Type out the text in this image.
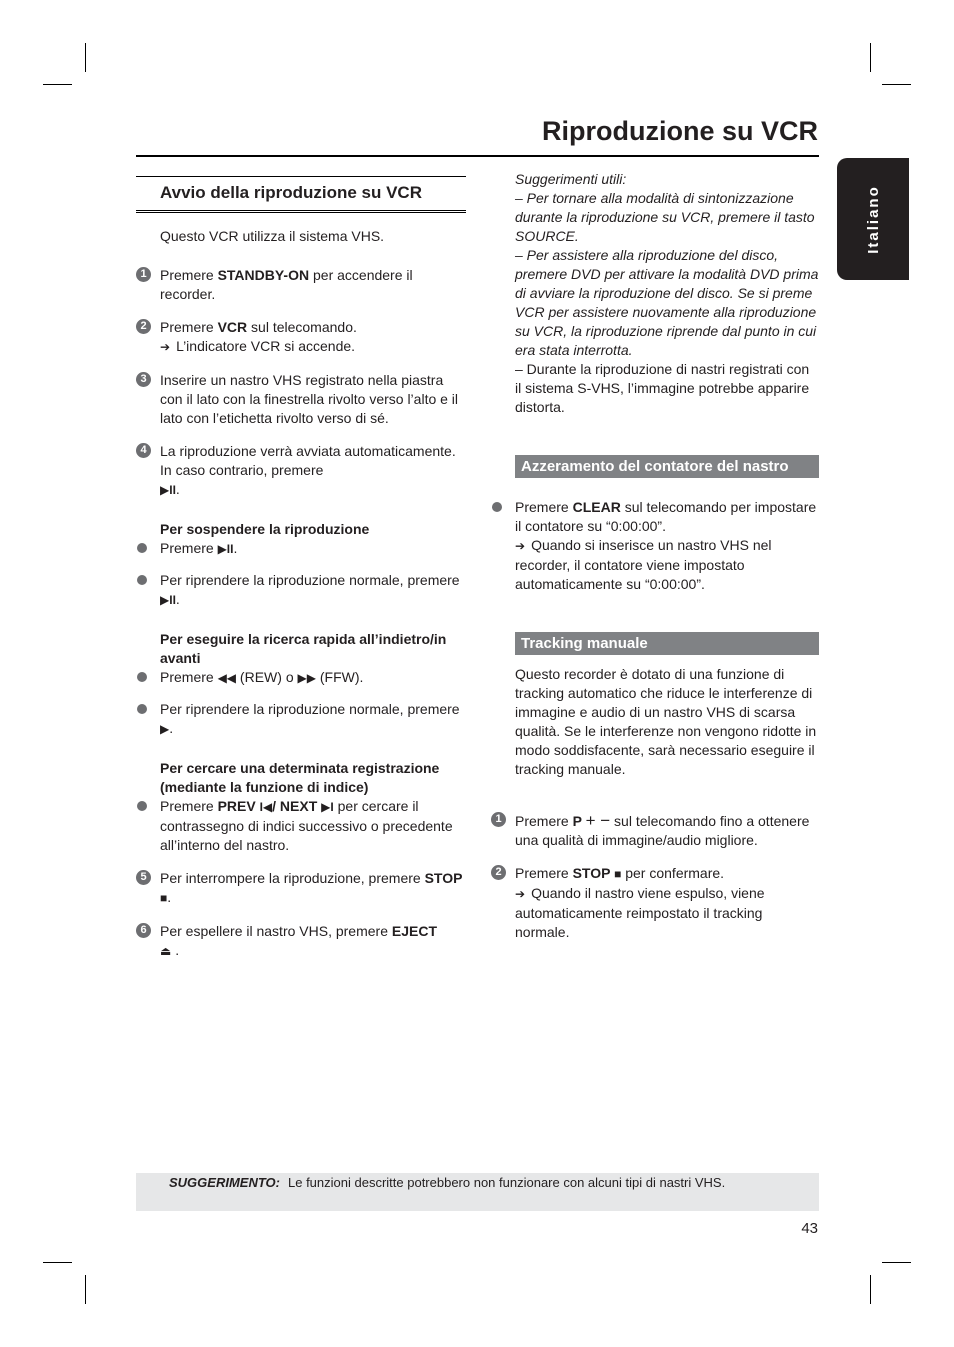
Riproduzione su VCR
Italiano
Avvio della riproduzione su VCR

Questo VCR utilizza il sistema VHS.

1 Premere STANDBY-ON per accendere il recorder.
2 Premere VCR sul telecomando.
➔ L’indicatore VCR si accende.
3 Inserire un nastro VHS registrato nella piastra con il lato con la finestrella rivolto verso l’alto e il lato con l’etichetta rivolto verso di sé.
4 La riproduzione verrà avviata automaticamente. In caso contrario, premere
▶II.

Per sospendere la riproduzione

Premere ▶II.
Per riprendere la riproduzione normale, premere ▶II.

Per eseguire la ricerca rapida all’indietro/in avanti

Premere ◀◀ (REW) o ▶▶ (FFW).
Per riprendere la riproduzione normale, premere ▶.

Per cercare una determinata registrazione (mediante la funzione di indice)

Premere PREV I◀/ NEXT ▶I per cercare il contrassegno di indici successivo o precedente all’interno del nastro.
5 Per interrompere la riproduzione, premere STOP ■.
6 Per espellere il nastro VHS, premere EJECT
⏏ .
Suggerimenti utili:
– Per tornare alla modalità di sintonizzazione durante la riproduzione su VCR, premere il tasto SOURCE.
– Per assistere alla riproduzione del disco, premere DVD per attivare la modalità DVD prima di avviare la riproduzione del disco. Se si preme VCR per assistere nuovamente alla riproduzione su VCR, la riproduzione riprende dal punto in cui era stata interrotta.
– Durante la riproduzione di nastri registrati con il sistema S-VHS, l’immagine potrebbe apparire distorta.
Azzeramento del contatore del nastro
Premere CLEAR sul telecomando per impostare il contatore su “0:00:00”.
➔ Quando si inserisce un nastro VHS nel recorder, il contatore viene impostato automaticamente su “0:00:00”.
Tracking manuale

Questo recorder è dotato di una funzione di tracking automatico che riduce le interferenze di immagine e audio di un nastro VHS di scarsa qualità. Se le interferenze non vengono ridotte in modo soddisfacente, sarà necessario eseguire il tracking manuale.

1 Premere P + − sul telecomando fino a ottenere una qualità di immagine/audio migliore.
2 Premere STOP ■ per confermare.
➔ Quando il nastro viene espulso, viene automaticamente reimpostato il tracking normale.
SUGGERIMENTO: Le funzioni descritte potrebbero non funzionare con alcuni tipi di nastri VHS.
43
